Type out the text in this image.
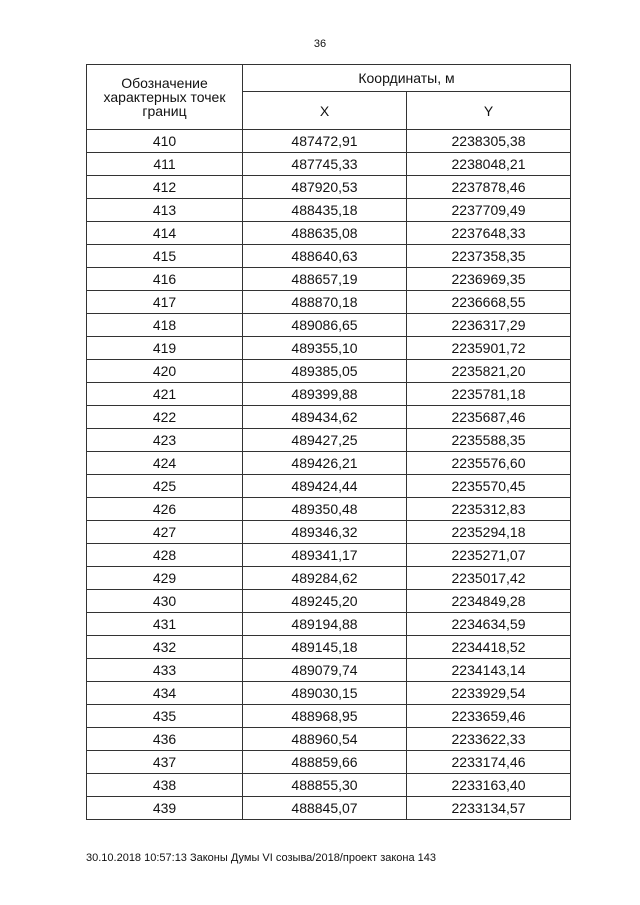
36
Обозначение характерных точек границ	Координаты, м	
	X	Y
410	487472,91	2238305,38
411	487745,33	2238048,21
412	487920,53	2237878,46
413	488435,18	2237709,49
414	488635,08	2237648,33
415	488640,63	2237358,35
416	488657,19	2236969,35
417	488870,18	2236668,55
418	489086,65	2236317,29
419	489355,10	2235901,72
420	489385,05	2235821,20
421	489399,88	2235781,18
422	489434,62	2235687,46
423	489427,25	2235588,35
424	489426,21	2235576,60
425	489424,44	2235570,45
426	489350,48	2235312,83
427	489346,32	2235294,18
428	489341,17	2235271,07
429	489284,62	2235017,42
430	489245,20	2234849,28
431	489194,88	2234634,59
432	489145,18	2234418,52
433	489079,74	2234143,14
434	489030,15	2233929,54
435	488968,95	2233659,46
436	488960,54	2233622,33
437	488859,66	2233174,46
438	488855,30	2233163,40
439	488845,07	2233134,57
30.10.2018 10:57:13 Законы Думы VI созыва/2018/проект закона 143
